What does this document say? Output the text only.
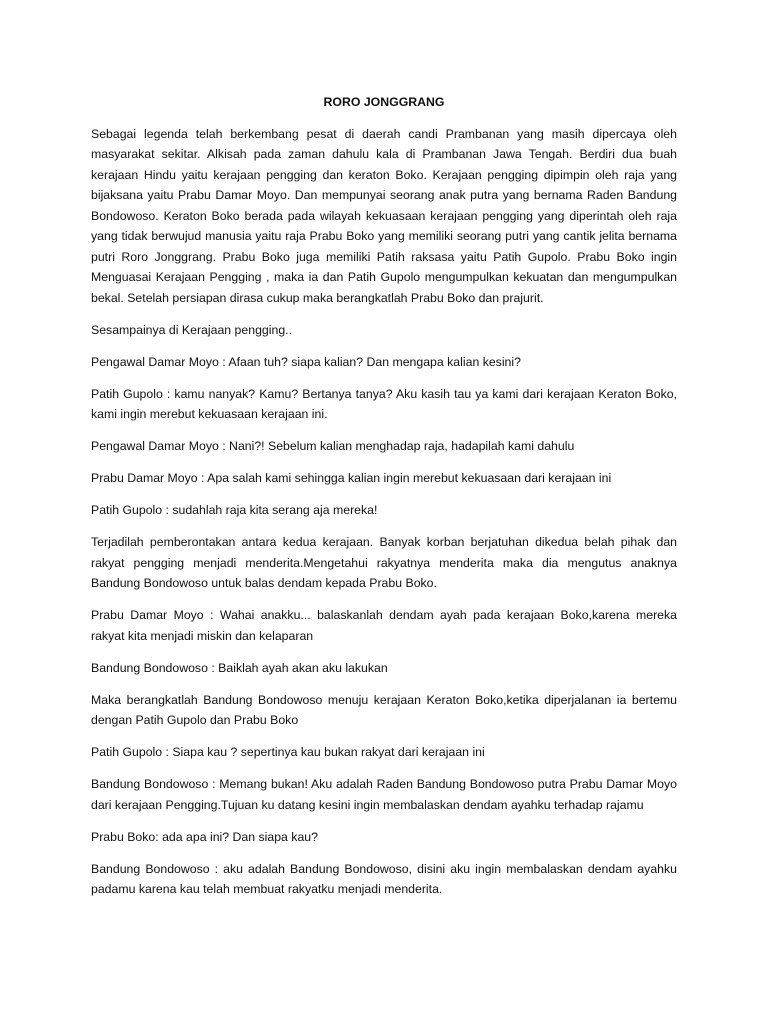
RORO JONGGRANG

Sebagai legenda telah berkembang pesat di daerah candi Prambanan yang masih dipercaya oleh masyarakat sekitar. Alkisah pada zaman dahulu kala di Prambanan Jawa Tengah. Berdiri dua buah kerajaan Hindu yaitu kerajaan pengging dan keraton Boko. Kerajaan pengging dipimpin oleh raja yang bijaksana yaitu Prabu Damar Moyo. Dan mempunyai seorang anak putra yang bernama Raden Bandung Bondowoso. Keraton Boko berada pada wilayah kekuasaan kerajaan pengging yang diperintah oleh raja yang tidak berwujud manusia yaitu raja Prabu Boko yang memiliki seorang putri yang cantik jelita bernama putri Roro Jonggrang. Prabu Boko juga memiliki Patih raksasa yaitu Patih Gupolo. Prabu Boko ingin Menguasai Kerajaan Pengging , maka ia dan Patih Gupolo mengumpulkan kekuatan dan mengumpulkan bekal. Setelah persiapan dirasa cukup maka berangkatlah Prabu Boko dan prajurit.

Sesampainya di Kerajaan pengging..

Pengawal Damar Moyo : Afaan tuh? siapa kalian? Dan mengapa kalian kesini?

Patih Gupolo : kamu nanyak? Kamu? Bertanya tanya? Aku kasih tau ya kami dari kerajaan Keraton Boko, kami ingin merebut kekuasaan kerajaan ini.

Pengawal Damar Moyo : Nani?! Sebelum kalian menghadap raja, hadapilah kami dahulu

Prabu Damar Moyo : Apa salah kami sehingga kalian ingin merebut kekuasaan dari kerajaan ini

Patih Gupolo : sudahlah raja kita serang aja mereka!

Terjadilah pemberontakan antara kedua kerajaan. Banyak korban berjatuhan dikedua belah pihak dan rakyat pengging menjadi menderita.Mengetahui rakyatnya menderita maka dia mengutus anaknya Bandung Bondowoso untuk balas dendam kepada Prabu Boko.

Prabu Damar Moyo : Wahai anakku... balaskanlah dendam ayah pada kerajaan Boko,karena mereka rakyat kita menjadi miskin dan kelaparan

Bandung Bondowoso : Baiklah ayah akan aku lakukan

Maka berangkatlah Bandung Bondowoso menuju kerajaan Keraton Boko,ketika diperjalanan ia bertemu dengan Patih Gupolo dan Prabu Boko

Patih Gupolo : Siapa kau ? sepertinya kau bukan rakyat dari kerajaan ini

Bandung Bondowoso : Memang bukan! Aku adalah Raden Bandung Bondowoso putra Prabu Damar Moyo dari kerajaan Pengging.Tujuan ku datang kesini ingin membalaskan dendam ayahku terhadap rajamu

Prabu Boko: ada apa ini? Dan siapa kau?

Bandung Bondowoso : aku adalah Bandung Bondowoso, disini aku ingin membalaskan dendam ayahku padamu karena kau telah membuat rakyatku menjadi menderita.
